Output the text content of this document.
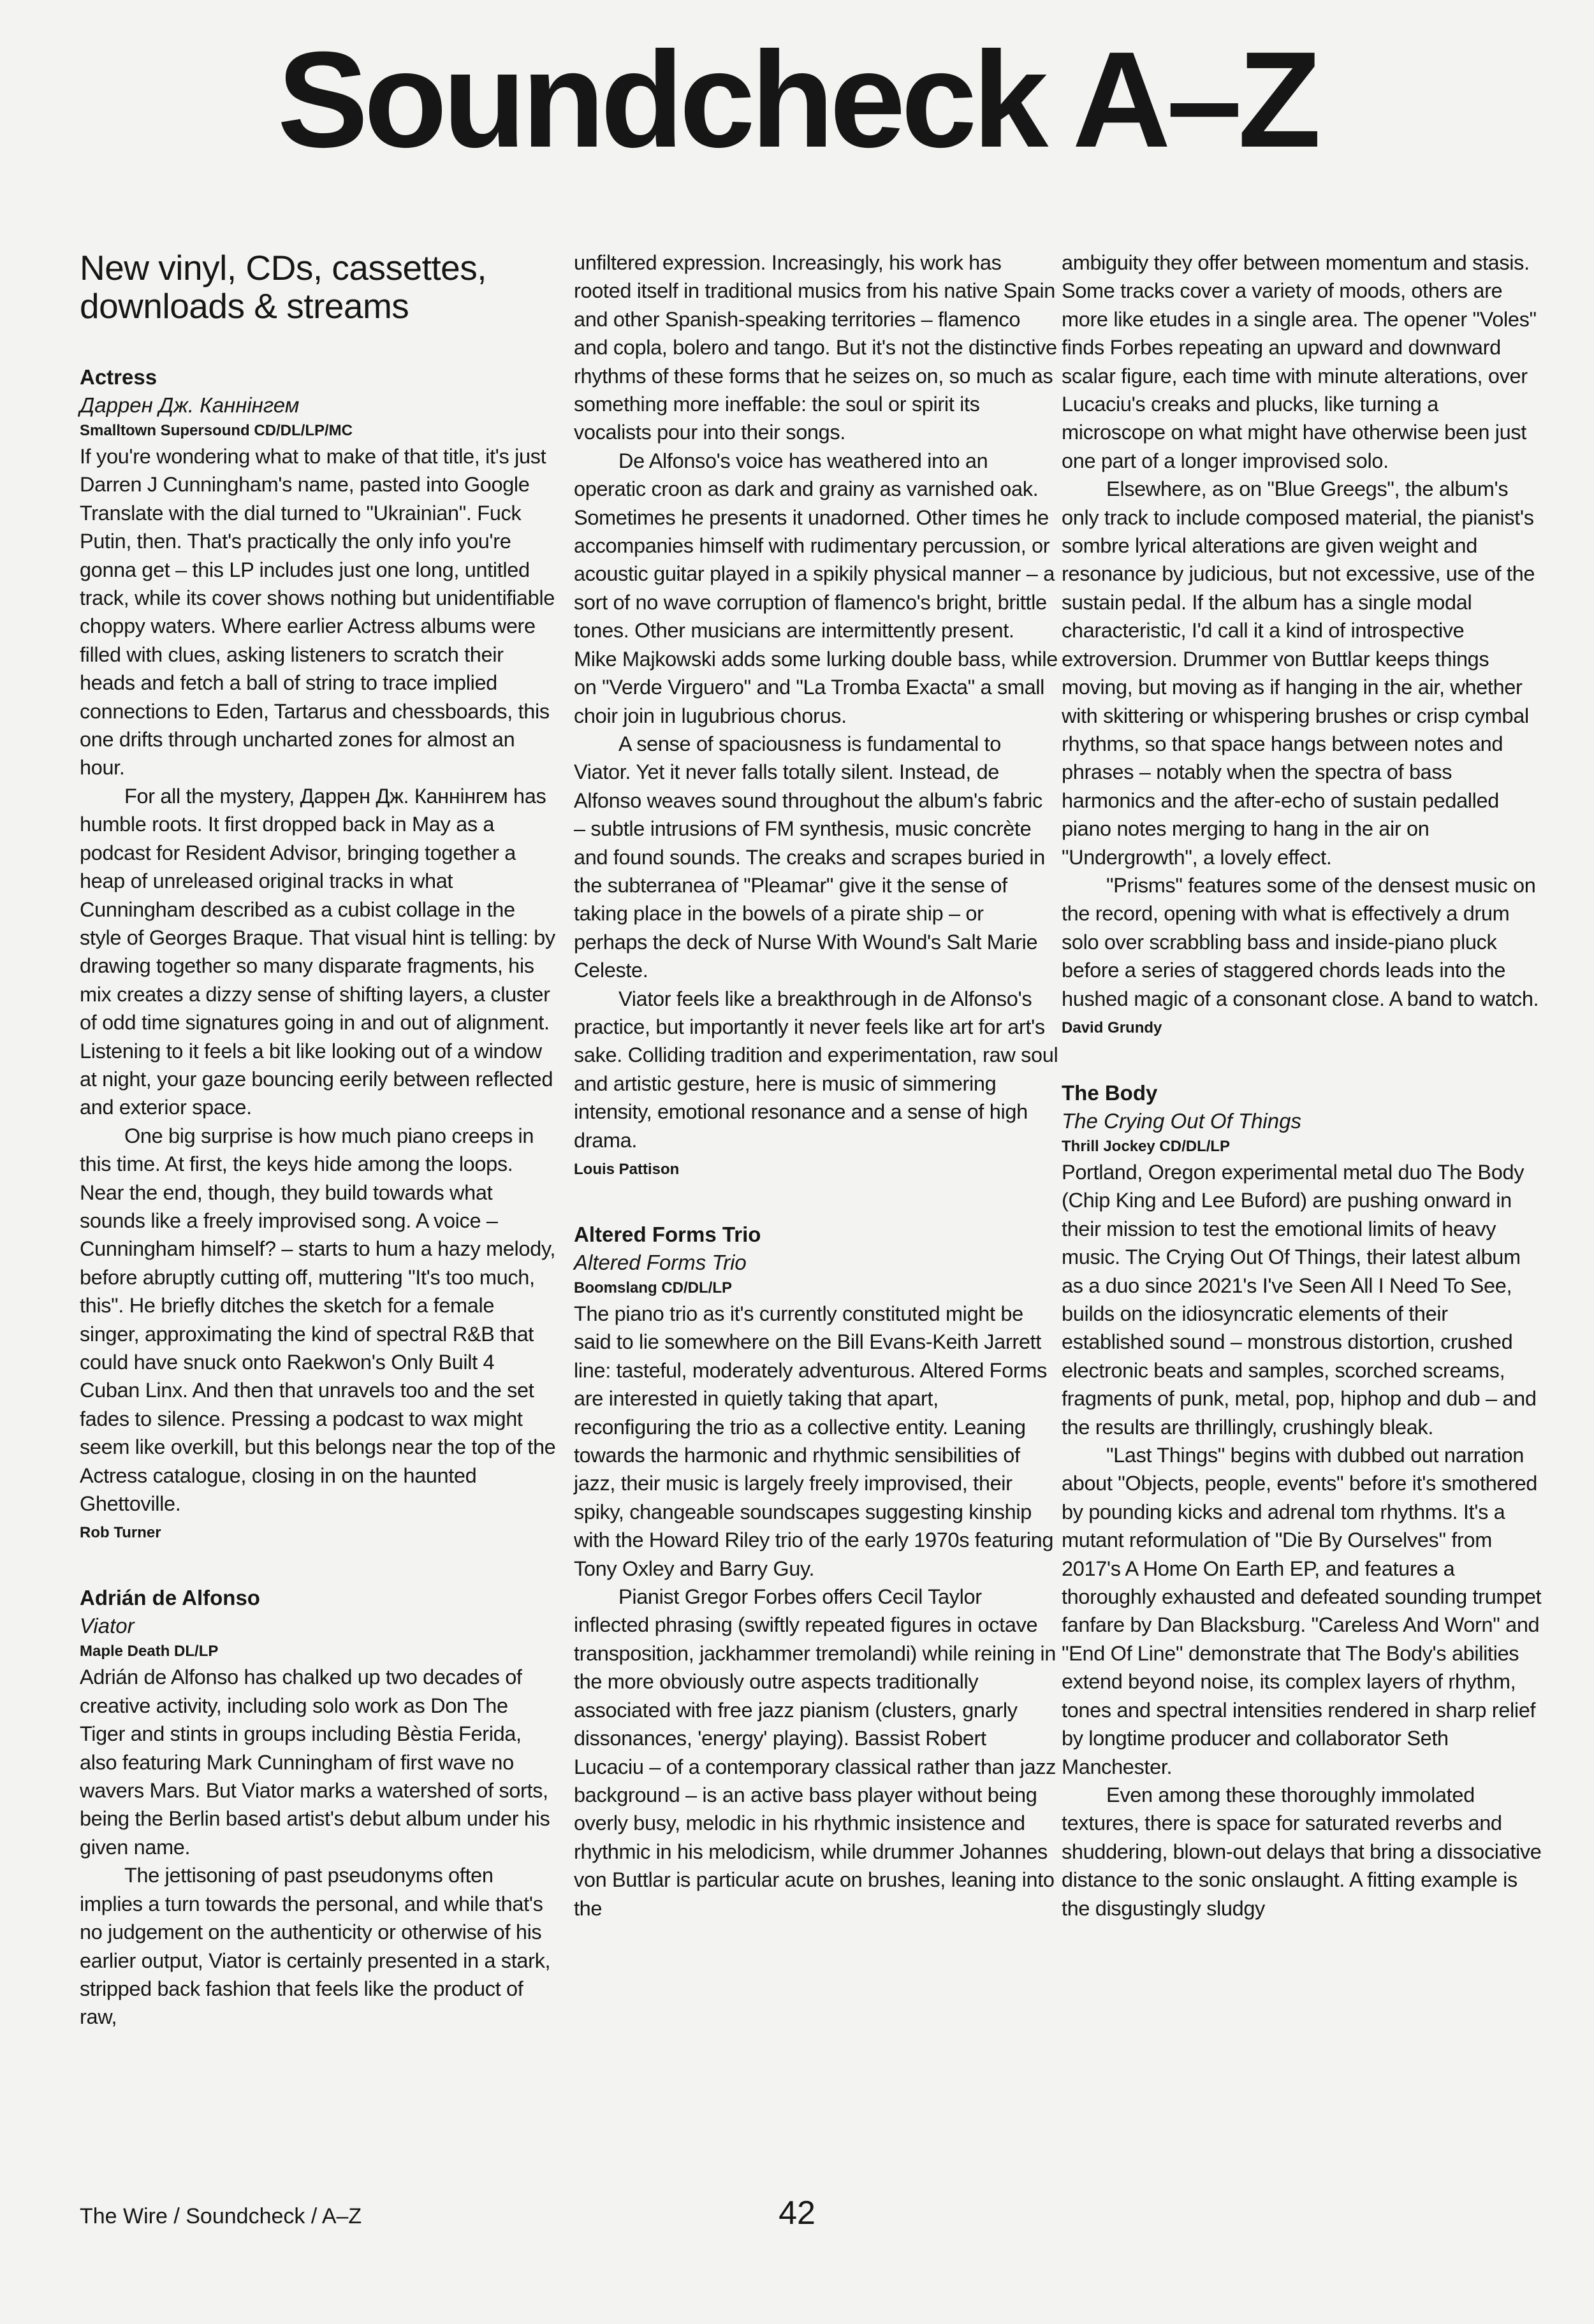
Soundcheck A–Z
New vinyl, CDs, cassettes, downloads & streams

Actress

Даррен Дж. Каннінгем

Smalltown Supersound CD/DL/LP/MC

If you're wondering what to make of that title, it's just Darren J Cunningham's name, pasted into Google Translate with the dial turned to "Ukrainian". Fuck Putin, then. That's practically the only info you're gonna get – this LP includes just one long, untitled track, while its cover shows nothing but unidentifiable choppy waters. Where earlier Actress albums were filled with clues, asking listeners to scratch their heads and fetch a ball of string to trace implied connections to Eden, Tartarus and chessboards, this one drifts through uncharted zones for almost an hour.

For all the mystery, Даррен Дж. Каннінгем has humble roots. It first dropped back in May as a podcast for Resident Advisor, bringing together a heap of unreleased original tracks in what Cunningham described as a cubist collage in the style of Georges Braque. That visual hint is telling: by drawing together so many disparate fragments, his mix creates a dizzy sense of shifting layers, a cluster of odd time signatures going in and out of alignment. Listening to it feels a bit like looking out of a window at night, your gaze bouncing eerily between reflected and exterior space.

One big surprise is how much piano creeps in this time. At first, the keys hide among the loops. Near the end, though, they build towards what sounds like a freely improvised song. A voice – Cunningham himself? – starts to hum a hazy melody, before abruptly cutting off, muttering "It's too much, this". He briefly ditches the sketch for a female singer, approximating the kind of spectral R&B that could have snuck onto Raekwon's Only Built 4 Cuban Linx. And then that unravels too and the set fades to silence. Pressing a podcast to wax might seem like overkill, but this belongs near the top of the Actress catalogue, closing in on the haunted Ghettoville.

Rob Turner

Adrián de Alfonso

Viator

Maple Death DL/LP

Adrián de Alfonso has chalked up two decades of creative activity, including solo work as Don The Tiger and stints in groups including Bèstia Ferida, also featuring Mark Cunningham of first wave no wavers Mars. But Viator marks a watershed of sorts, being the Berlin based artist's debut album under his given name.

The jettisoning of past pseudonyms often implies a turn towards the personal, and while that's no judgement on the authenticity or otherwise of his earlier output, Viator is certainly presented in a stark, stripped back fashion that feels like the product of raw,

unfiltered expression. Increasingly, his work has rooted itself in traditional musics from his native Spain and other Spanish-speaking territories – flamenco and copla, bolero and tango. But it's not the distinctive rhythms of these forms that he seizes on, so much as something more ineffable: the soul or spirit its vocalists pour into their songs.

De Alfonso's voice has weathered into an operatic croon as dark and grainy as varnished oak. Sometimes he presents it unadorned. Other times he accompanies himself with rudimentary percussion, or acoustic guitar played in a spikily physical manner – a sort of no wave corruption of flamenco's bright, brittle tones. Other musicians are intermittently present. Mike Majkowski adds some lurking double bass, while on "Verde Virguero" and "La Tromba Exacta" a small choir join in lugubrious chorus.

A sense of spaciousness is fundamental to Viator. Yet it never falls totally silent. Instead, de Alfonso weaves sound throughout the album's fabric – subtle intrusions of FM synthesis, music concrète and found sounds. The creaks and scrapes buried in the subterranea of "Pleamar" give it the sense of taking place in the bowels of a pirate ship – or perhaps the deck of Nurse With Wound's Salt Marie Celeste.

Viator feels like a breakthrough in de Alfonso's practice, but importantly it never feels like art for art's sake. Colliding tradition and experimentation, raw soul and artistic gesture, here is music of simmering intensity, emotional resonance and a sense of high drama.

Louis Pattison

Altered Forms Trio

Altered Forms Trio

Boomslang CD/DL/LP

The piano trio as it's currently constituted might be said to lie somewhere on the Bill Evans-Keith Jarrett line: tasteful, moderately adventurous. Altered Forms are interested in quietly taking that apart, reconfiguring the trio as a collective entity. Leaning towards the harmonic and rhythmic sensibilities of jazz, their music is largely freely improvised, their spiky, changeable soundscapes suggesting kinship with the Howard Riley trio of the early 1970s featuring Tony Oxley and Barry Guy.

Pianist Gregor Forbes offers Cecil Taylor inflected phrasing (swiftly repeated figures in octave transposition, jackhammer tremolandi) while reining in the more obviously outre aspects traditionally associated with free jazz pianism (clusters, gnarly dissonances, 'energy' playing). Bassist Robert Lucaciu – of a contemporary classical rather than jazz background – is an active bass player without being overly busy, melodic in his rhythmic insistence and rhythmic in his melodicism, while drummer Johannes von Buttlar is particular acute on brushes, leaning into the

ambiguity they offer between momentum and stasis. Some tracks cover a variety of moods, others are more like etudes in a single area. The opener "Voles" finds Forbes repeating an upward and downward scalar figure, each time with minute alterations, over Lucaciu's creaks and plucks, like turning a microscope on what might have otherwise been just one part of a longer improvised solo.

Elsewhere, as on "Blue Greegs", the album's only track to include composed material, the pianist's sombre lyrical alterations are given weight and resonance by judicious, but not excessive, use of the sustain pedal. If the album has a single modal characteristic, I'd call it a kind of introspective extroversion. Drummer von Buttlar keeps things moving, but moving as if hanging in the air, whether with skittering or whispering brushes or crisp cymbal rhythms, so that space hangs between notes and phrases – notably when the spectra of bass harmonics and the after-echo of sustain pedalled piano notes merging to hang in the air on "Undergrowth", a lovely effect.

"Prisms" features some of the densest music on the record, opening with what is effectively a drum solo over scrabbling bass and inside-piano pluck before a series of staggered chords leads into the hushed magic of a consonant close. A band to watch.

David Grundy

The Body

The Crying Out Of Things

Thrill Jockey CD/DL/LP

Portland, Oregon experimental metal duo The Body (Chip King and Lee Buford) are pushing onward in their mission to test the emotional limits of heavy music. The Crying Out Of Things, their latest album as a duo since 2021's I've Seen All I Need To See, builds on the idiosyncratic elements of their established sound – monstrous distortion, crushed electronic beats and samples, scorched screams, fragments of punk, metal, pop, hiphop and dub – and the results are thrillingly, crushingly bleak.

"Last Things" begins with dubbed out narration about "Objects, people, events" before it's smothered by pounding kicks and adrenal tom rhythms. It's a mutant reformulation of "Die By Ourselves" from 2017's A Home On Earth EP, and features a thoroughly exhausted and defeated sounding trumpet fanfare by Dan Blacksburg. "Careless And Worn" and "End Of Line" demonstrate that The Body's abilities extend beyond noise, its complex layers of rhythm, tones and spectral intensities rendered in sharp relief by longtime producer and collaborator Seth Manchester.

Even among these thoroughly immolated textures, there is space for saturated reverbs and shuddering, blown-out delays that bring a dissociative distance to the sonic onslaught. A fitting example is the disgustingly sludgy

The Wire / Soundcheck / A–Z	42
